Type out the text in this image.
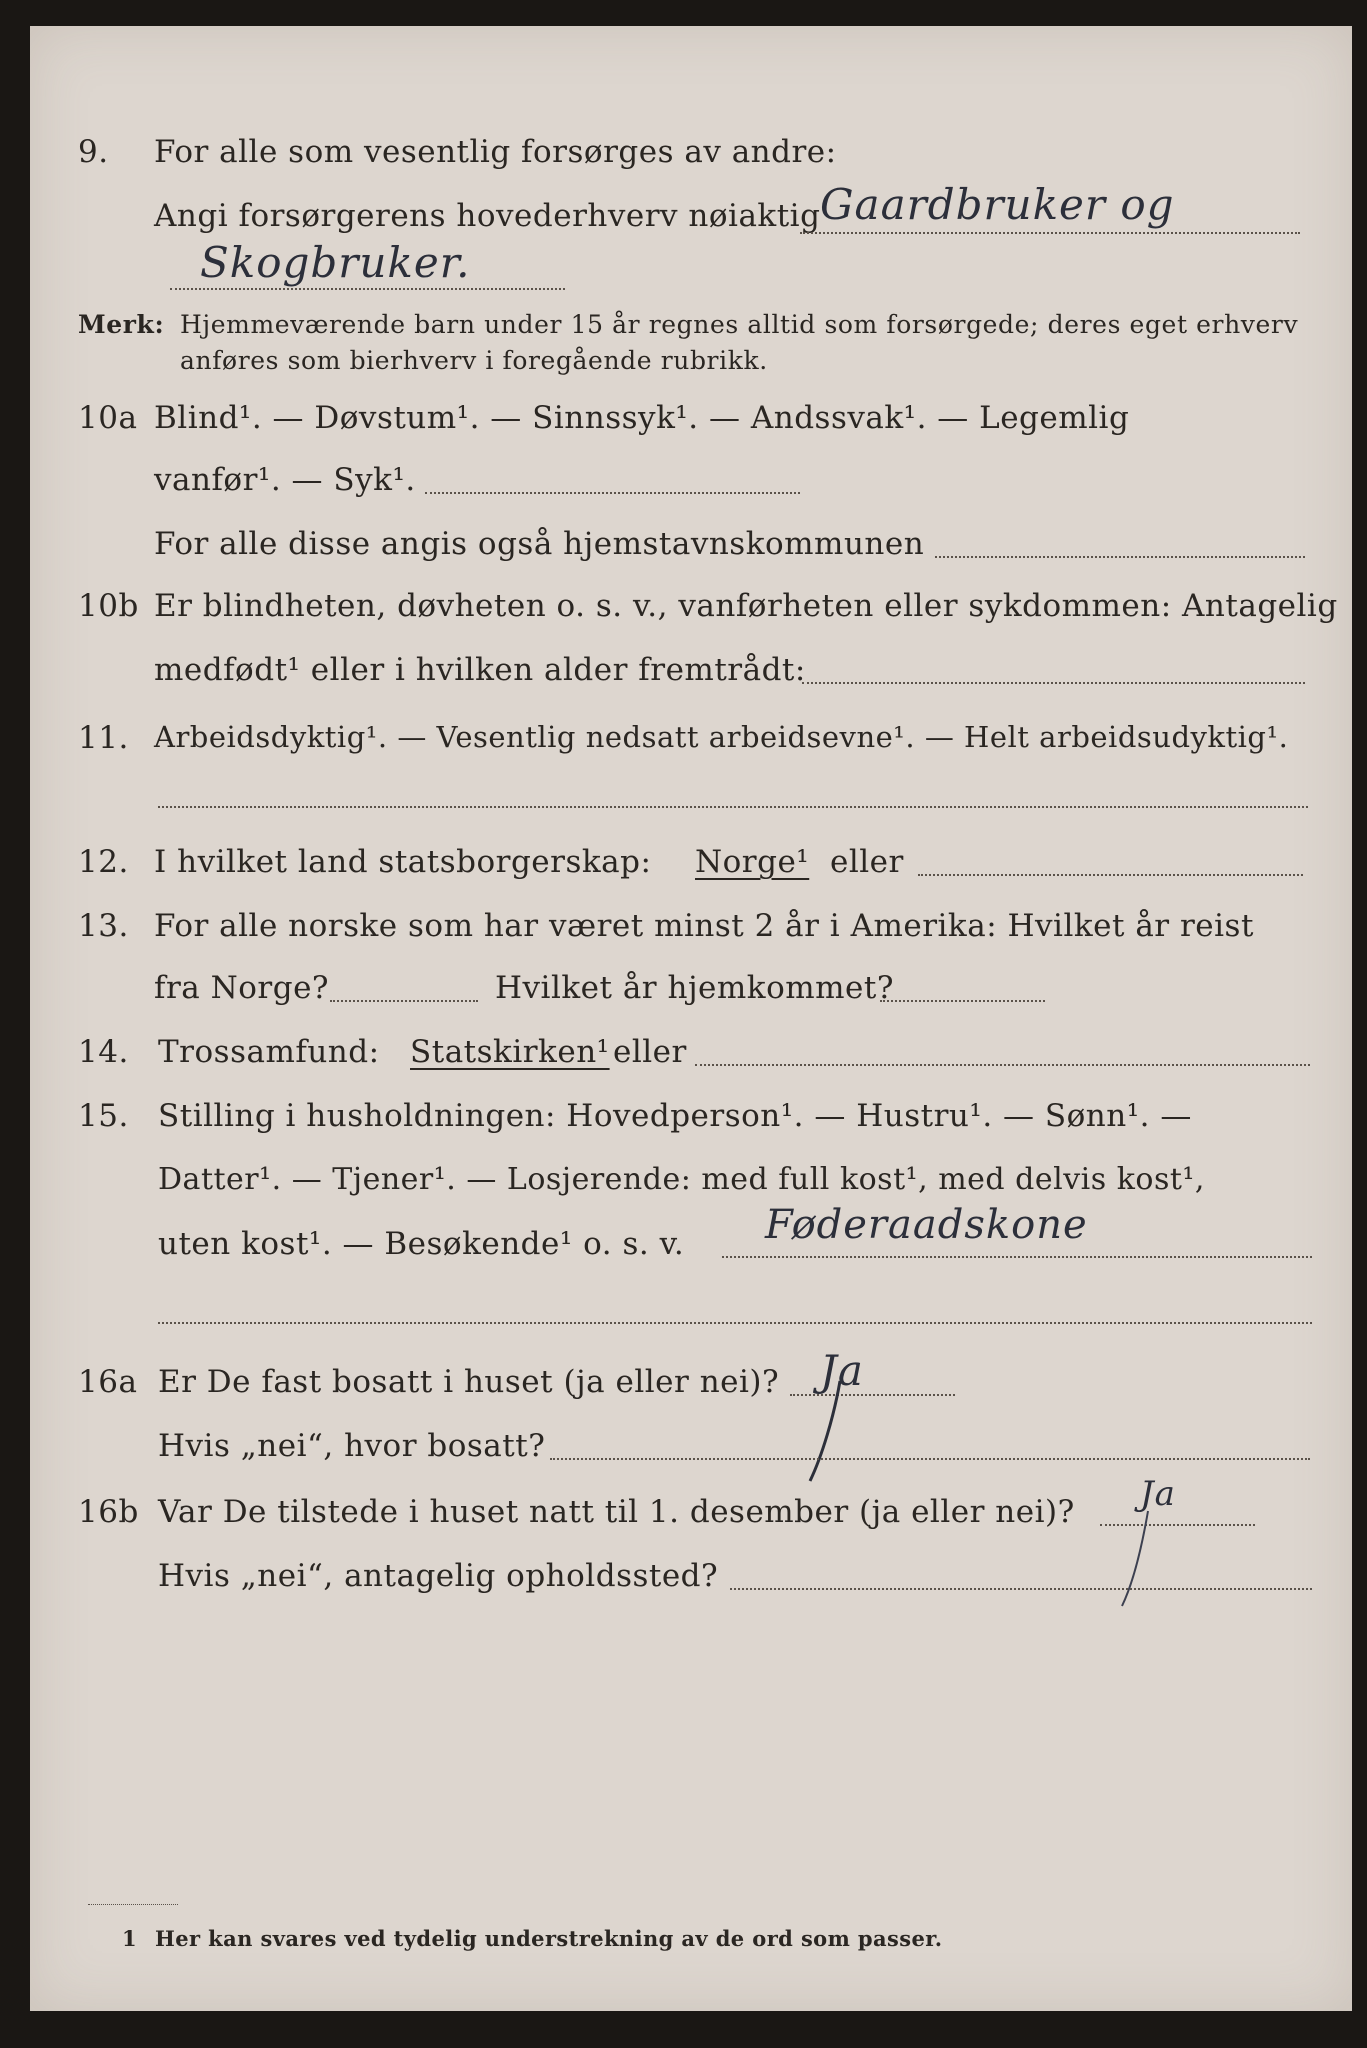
9. For alle som vesentlig forsørges av andre:
Angi forsørgerens hovederhverv nøiaktig Gaardbruker og
Skogbruker.
Merk: Hjemmeværende barn under 15 år regnes alltid som forsørgede; deres eget erhverv
anføres som bierhverv i foregående rubrikk.
10a Blind¹. — Døvstum¹. — Sinnssyk¹. — Andssvak¹. — Legemlig
vanfør¹. — Syk¹.
For alle disse angis også hjemstavnskommunen
10b Er blindheten, døvheten o. s. v., vanførheten eller sykdommen: Antagelig
medfødt¹ eller i hvilken alder fremtrådt:
11. Arbeidsdyktig¹. — Vesentlig nedsatt arbeidsevne¹. — Helt arbeidsudyktig¹.
12. I hvilket land statsborgerskap: Norge¹ eller
13. For alle norske som har været minst 2 år i Amerika: Hvilket år reist
fra Norge?	Hvilket år hjemkommet?
14. Trossamfund: Statskirken¹ eller
15. Stilling i husholdningen: Hovedperson¹. — Hustru¹. — Sønn¹. —
Datter¹. — Tjener¹. — Losjerende: med full kost¹, med delvis kost¹,
uten kost¹. — Besøkende¹ o. s. v. Føderaadskone
16a Er De fast bosatt i huset (ja eller nei)? Ja
Hvis „nei“, hvor bosatt?
16b Var De tilstede i huset natt til 1. desember (ja eller nei)? Ja
Hvis „nei“, antagelig opholdssted?
1 Her kan svares ved tydelig understrekning av de ord som passer.
